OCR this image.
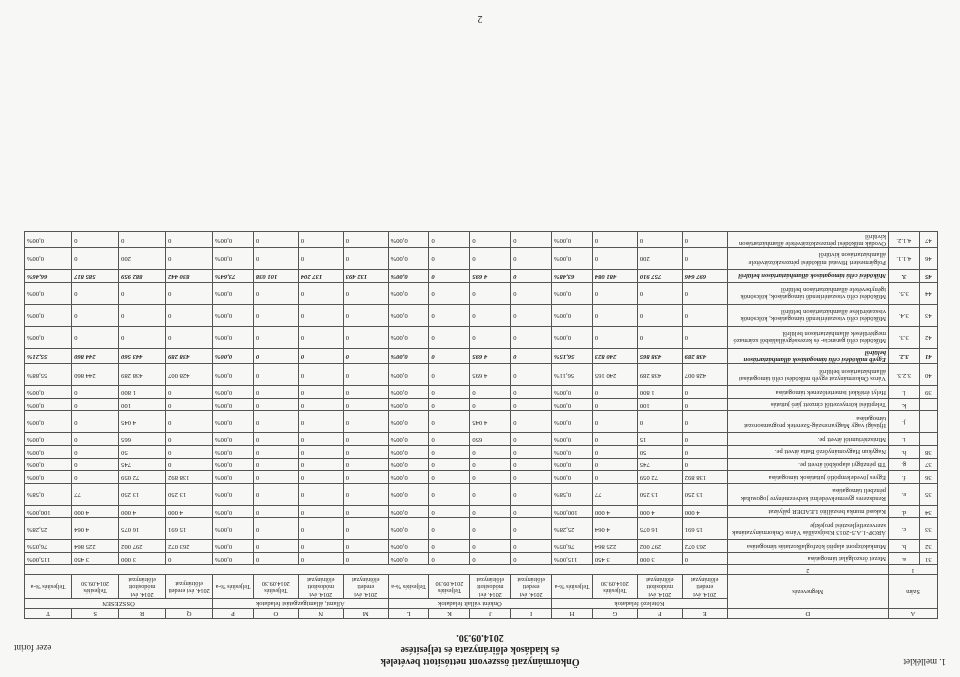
1. melléklet
ezer forint
Önkormányzati összevont nettósított bevételek
és kiadások előirányzata és teljesítése
2014.09.30.
A		D	E	F	G	H	I	J	K	L	M	N	O	P	Q	R	S	T
Szám		Megnevezés	Kötelező feladatok				Önként vállalt feladatok				Állami, államigazgatási feladatok				ÖSSZESEN			
			2014. évi eredeti előirányzat	2014. évi módosított előirányzat	Teljesítés 2014.09.30	Teljesítés %-a	2014. évi eredeti előirányzat	2014. évi módosított előirányzat	Teljesítés 2014.09.30	Teljesítés %-a	2014. évi eredeti előirányzat	2014. évi módosított előirányzat	Teljesítés 2014.09.30	Teljesítés %-a	2014. évi eredeti előirányzat	2014. évi módosított előirányzat	Teljesítés 2014.09.30	Teljesítés %-a
1		2																
31	a.	Mezei őrszolgálat támogatása	0	3 000	3 450	115,00%	0	0	0	0,00%	0	0	0	0,00%	0	3 000	3 450	115,00%
32	b.	Munkaközpont alapító közfoglalkoztatás támogatása	263 072	297 002	225 864	76,05%	0	0	0	0,00%	0	0	0	0,00%	263 072	297 002	225 864	76,05%
33	c.	ÁROP-1.A.5-2013 Kisújszállás Város Önkormányzatának szervezetfejlesztési projektje	15 691	16 075	4 064	25,28%	0	0	0	0,00%	0	0	0	0,00%	15 691	16 075	4 064	25,28%
34	d.	Kakasd munka beszállító LEADER pályázat	4 000	4 000	4 000	100,00%	0	0	0	0,00%	0	0	0	0,00%	4 000	4 000	4 000	100,00%
35	e.	Rendszeres gyermekvédelmi kedvezményre jogosultak pénzbeli támogatása	13 250	13 250	77	0,58%	0	0	0	0,00%	0	0	0	0,00%	13 250	13 250	77	0,58%
36	f.	Egyes jövedelempótló juttatások támogatása	138 892	72 059	0	0,00%	0	0	0	0,00%	0	0	0	0,00%	138 892	72 059	0	0,00%
37	g.	TB pénzügyi alapokból átvett pe.	0	745	0	0,00%	0	0	0	0,00%	0	0	0	0,00%	0	745	0	0,00%
38	h.	Nagykun Hagyományőrző Batta átvett pe.	0	50	0	0,00%	0	0	0	0,00%	0	0	0	0,00%	0	50	0	0,00%
	i.	Minisztériumtól átvett pe.	0	15	0	0,00%	0	650	0	0,00%	0	0	0	0,00%	0	665	0	0,00%
	j.	Ifjúsági vagy Magyarország-Szeretek programsorozat támogatása	0	0	0	0,00%	0	4 045	0	0,00%	0	0	0	0,00%	0	4 045	0	0,00%
	k.	Települési környezettől címzett járó juttatás	0	100	0	0,00%	0	0	0	0,00%	0	0	0	0,00%	0	100	0	0,00%
39	l.	Helyi értékkel ismertetőzenek támogatása	0	1 800	0	0,00%	0	0	0	0,00%	0	0	0	0,00%	0	1 800	0	0,00%
40	3.2.3.	Város Önkormányzat egyéb működési célú támogatásai államháztartáson belülről	428 007	438 289	240 165	56,11%	0	4 695	0	0,00%	0	0	0	0,00%	428 007	438 289	244 860	55,88%
41	3.2.	Egyéb működési célú támogatások államháztartáson belülről	438 289	438 865	240 823	56,15%	0	4 695	0	0,00%	0	0	0	0,00%	438 289	443 560	244 860	55,21%
42	3.3.	Működési célú garancia- és kezességvállalásból származó megtérülések államháztartáson belülről	0	0	0	0,00%	0	0	0	0,00%	0	0	0	0,00%	0	0	0	0,00%
43	3.4.	Működési célú visszatérítendő támogatások, kölcsönök visszatérülése államháztartáson belülről	0	0	0	0,00%	0	0	0	0,00%	0	0	0	0,00%	0	0	0	0,00%
44	3.5.	Működési célú visszatérítendő támogatások, kölcsönök igénybevétele államháztartáson belülről	0	0	0	0,00%	0	0	0	0,00%	0	0	0	0,00%	0	0	0	0,00%
45	3.	Működési célú támogatások államháztartáson belülről	697 646	757 910	481 084	63,48%	0	4 695	0	0,00%	132 493	137 204	101 038	73,64%	830 442	882 959	585 817	66,46%
46	4.1.1.	Polgármesteri Hivatal működési pénzeszközátvétele államháztartáson kívülről	0	200	0	0,00%	0	0	0	0,00%	0	0	0	0,00%	0	200	0	0,00%
47	4.1.2.	Óvodák működési pénzeszközátvétele államháztartáson kívülről	0	0	0	0,00%	0	0	0	0,00%	0	0	0	0,00%	0	0	0	0,00%
2
